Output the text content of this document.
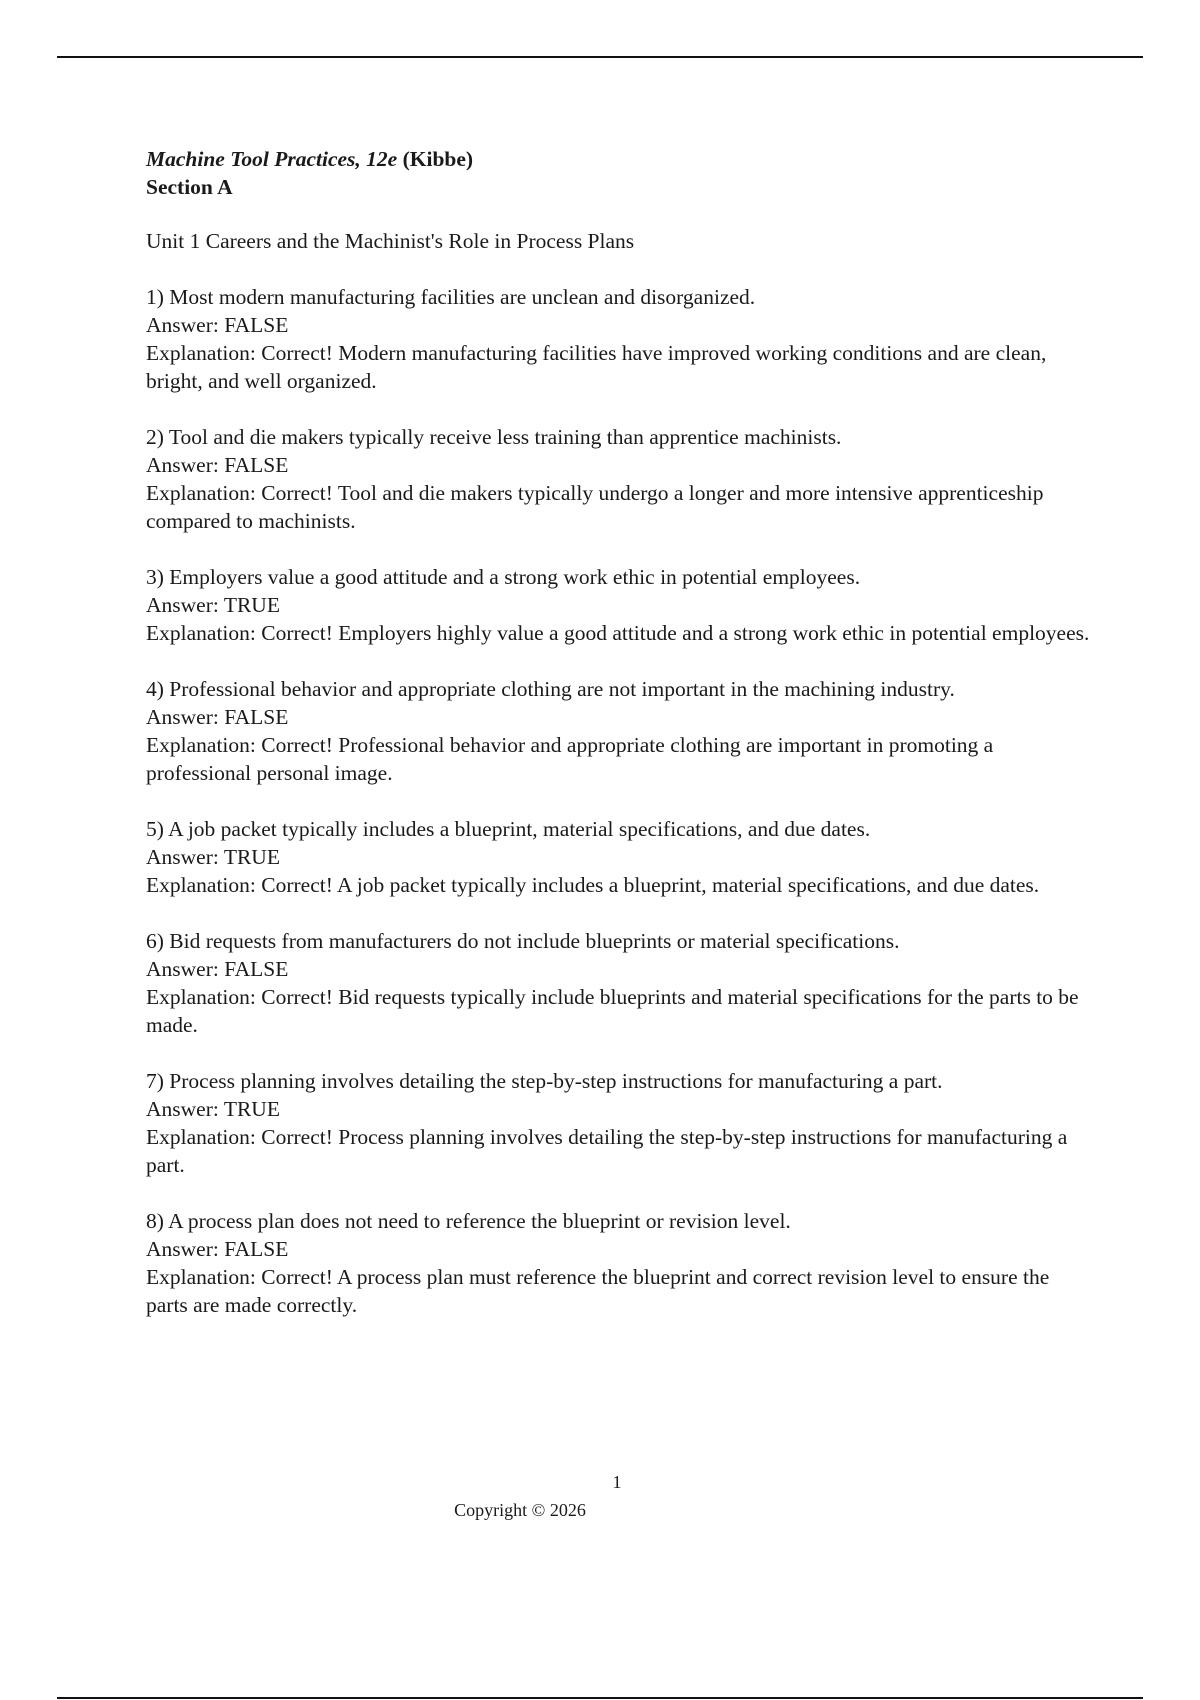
Machine Tool Practices, 12e (Kibbe)
Section A
Unit 1 Careers and the Machinist's Role in Process Plans

1) Most modern manufacturing facilities are unclean and disorganized.

Answer: FALSE

Explanation: Correct! Modern manufacturing facilities have improved working conditions and are clean, bright, and well organized.

2) Tool and die makers typically receive less training than apprentice machinists.

Answer: FALSE

Explanation: Correct! Tool and die makers typically undergo a longer and more intensive apprenticeship compared to machinists.

3) Employers value a good attitude and a strong work ethic in potential employees.

Answer: TRUE

Explanation: Correct! Employers highly value a good attitude and a strong work ethic in potential employees.

4) Professional behavior and appropriate clothing are not important in the machining industry.

Answer: FALSE

Explanation: Correct! Professional behavior and appropriate clothing are important in promoting a professional personal image.

5) A job packet typically includes a blueprint, material specifications, and due dates.

Answer: TRUE

Explanation: Correct! A job packet typically includes a blueprint, material specifications, and due dates.

6) Bid requests from manufacturers do not include blueprints or material specifications.

Answer: FALSE

Explanation: Correct! Bid requests typically include blueprints and material specifications for the parts to be made.

7) Process planning involves detailing the step-by-step instructions for manufacturing a part.

Answer: TRUE

Explanation: Correct! Process planning involves detailing the step-by-step instructions for manufacturing a part.

8) A process plan does not need to reference the blueprint or revision level.

Answer: FALSE

Explanation: Correct! A process plan must reference the blueprint and correct revision level to ensure the parts are made correctly.

1
Copyright © 2026
